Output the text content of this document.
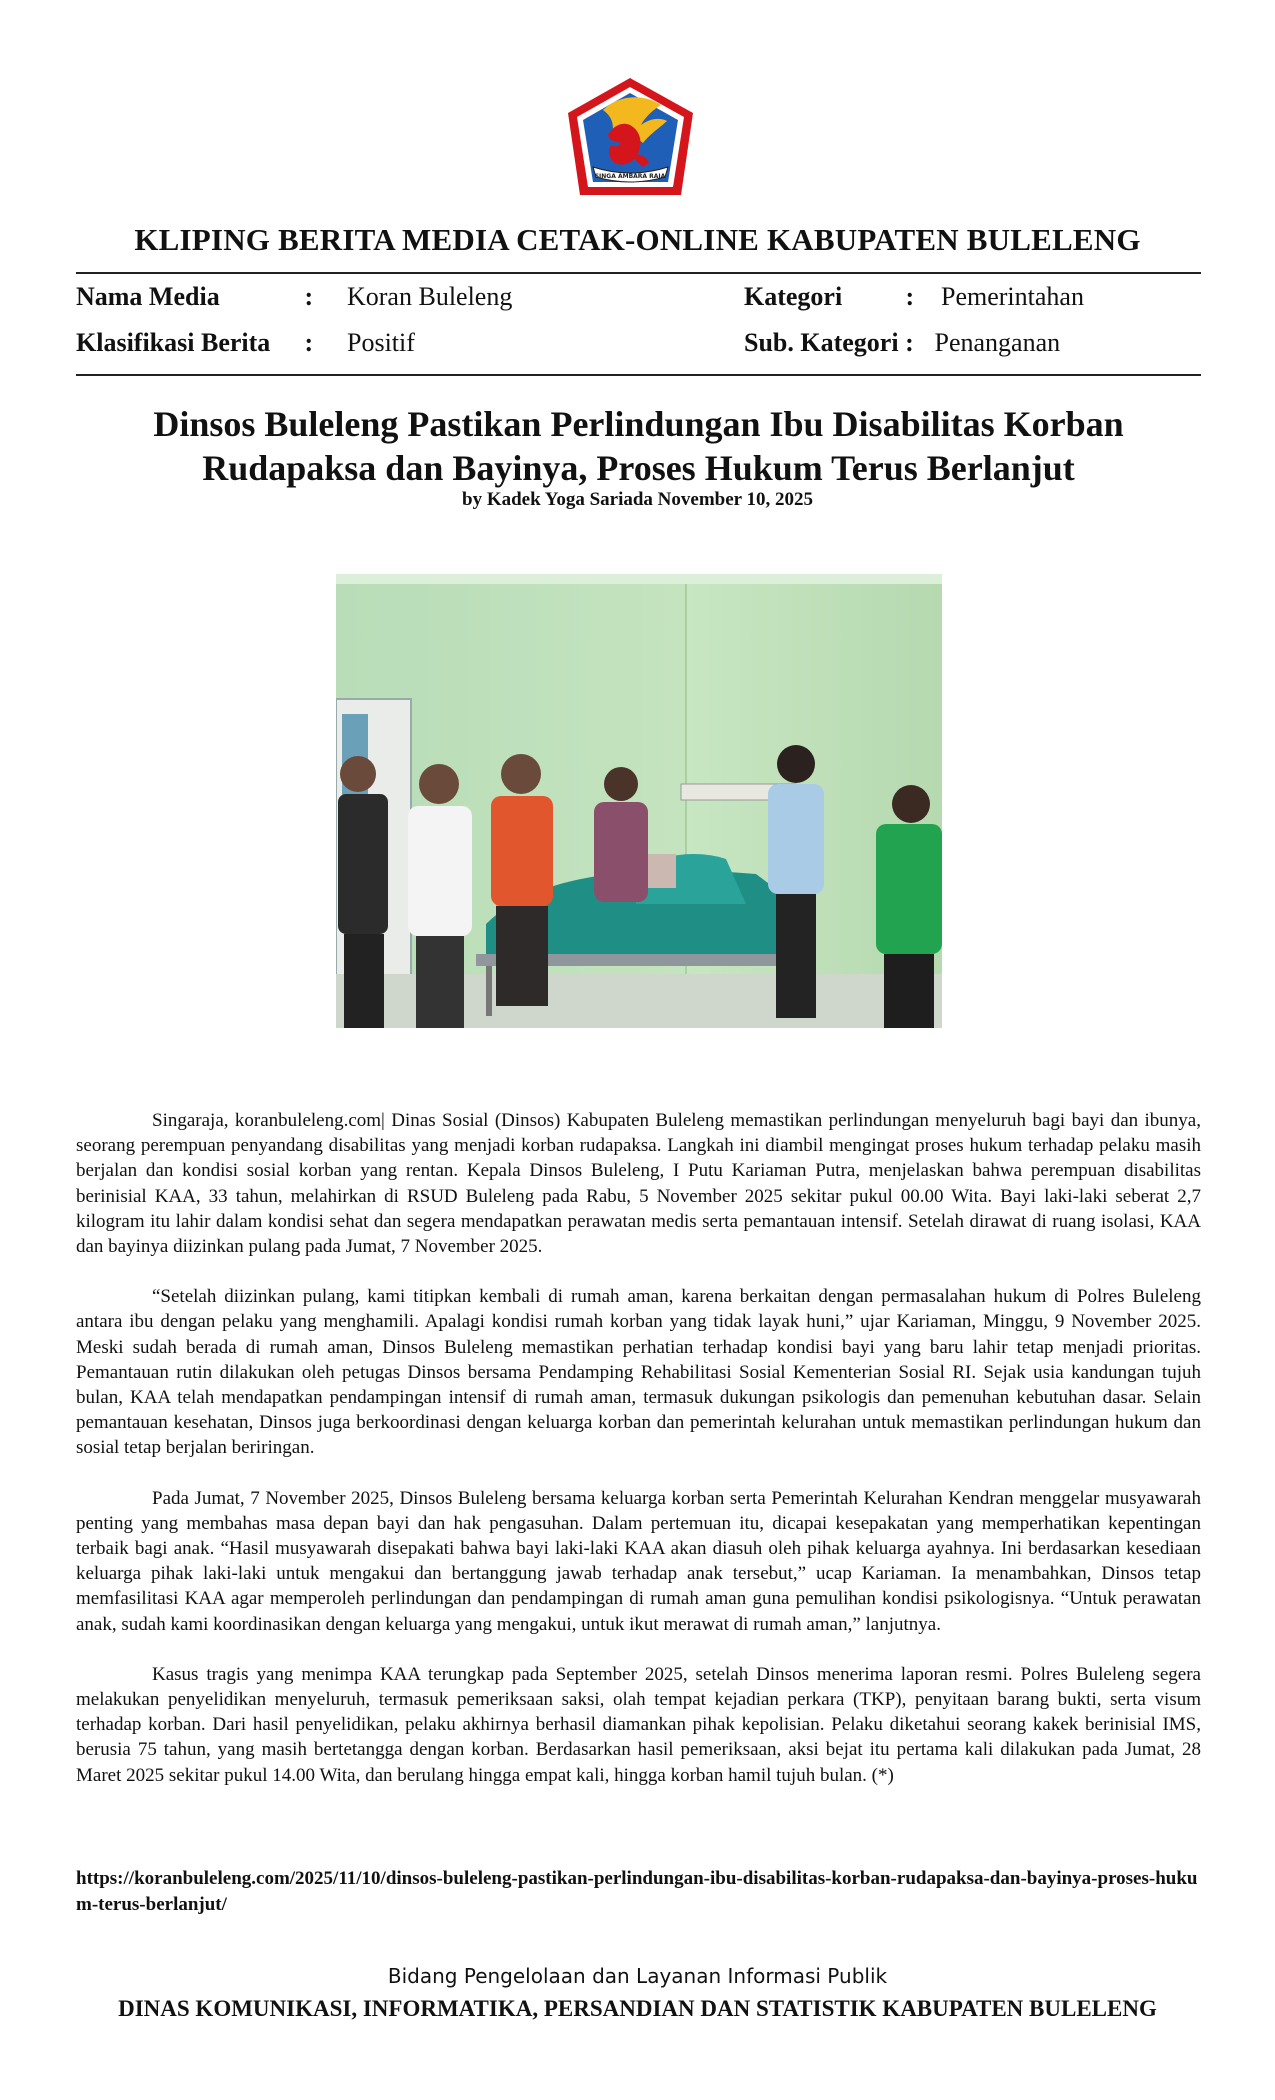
SINGA AMBARA RAJA
KLIPING BERITA MEDIA CETAK-ONLINE KABUPATEN BULELENG
Nama Media	: Koran Buleleng	Kategori : Pemerintahan
Klasifikasi Berita : Positif	Sub. Kategori : Penanganan
Dinsos Buleleng Pastikan Perlindungan Ibu Disabilitas Korban
Rudapaksa dan Bayinya, Proses Hukum Terus Berlanjut
by Kadek Yoga Sariada November 10, 2025

Singaraja, koranbuleleng.com| Dinas Sosial (Dinsos) Kabupaten Buleleng memastikan perlindungan menyeluruh bagi bayi dan ibunya, seorang perempuan penyandang disabilitas yang menjadi korban rudapaksa. Langkah ini diambil mengingat proses hukum terhadap pelaku masih berjalan dan kondisi sosial korban yang rentan. Kepala Dinsos Buleleng, I Putu Kariaman Putra, menjelaskan bahwa perempuan disabilitas berinisial KAA, 33 tahun, melahirkan di RSUD Buleleng pada Rabu, 5 November 2025 sekitar pukul 00.00 Wita. Bayi laki-laki seberat 2,7 kilogram itu lahir dalam kondisi sehat dan segera mendapatkan perawatan medis serta pemantauan intensif. Setelah dirawat di ruang isolasi, KAA dan bayinya diizinkan pulang pada Jumat, 7 November 2025.

“Setelah diizinkan pulang, kami titipkan kembali di rumah aman, karena berkaitan dengan permasalahan hukum di Polres Buleleng antara ibu dengan pelaku yang menghamili. Apalagi kondisi rumah korban yang tidak layak huni,” ujar Kariaman, Minggu, 9 November 2025. Meski sudah berada di rumah aman, Dinsos Buleleng memastikan perhatian terhadap kondisi bayi yang baru lahir tetap menjadi prioritas. Pemantauan rutin dilakukan oleh petugas Dinsos bersama Pendamping Rehabilitasi Sosial Kementerian Sosial RI. Sejak usia kandungan tujuh bulan, KAA telah mendapatkan pendampingan intensif di rumah aman, termasuk dukungan psikologis dan pemenuhan kebutuhan dasar. Selain pemantauan kesehatan, Dinsos juga berkoordinasi dengan keluarga korban dan pemerintah kelurahan untuk memastikan perlindungan hukum dan sosial tetap berjalan beriringan.

Pada Jumat, 7 November 2025, Dinsos Buleleng bersama keluarga korban serta Pemerintah Kelurahan Kendran menggelar musyawarah penting yang membahas masa depan bayi dan hak pengasuhan. Dalam pertemuan itu, dicapai kesepakatan yang memperhatikan kepentingan terbaik bagi anak. “Hasil musyawarah disepakati bahwa bayi laki-laki KAA akan diasuh oleh pihak keluarga ayahnya. Ini berdasarkan kesediaan keluarga pihak laki-laki untuk mengakui dan bertanggung jawab terhadap anak tersebut,” ucap Kariaman. Ia menambahkan, Dinsos tetap memfasilitasi KAA agar memperoleh perlindungan dan pendampingan di rumah aman guna pemulihan kondisi psikologisnya. “Untuk perawatan anak, sudah kami koordinasikan dengan keluarga yang mengakui, untuk ikut merawat di rumah aman,” lanjutnya.

Kasus tragis yang menimpa KAA terungkap pada September 2025, setelah Dinsos menerima laporan resmi. Polres Buleleng segera melakukan penyelidikan menyeluruh, termasuk pemeriksaan saksi, olah tempat kejadian perkara (TKP), penyitaan barang bukti, serta visum terhadap korban. Dari hasil penyelidikan, pelaku akhirnya berhasil diamankan pihak kepolisian. Pelaku diketahui seorang kakek berinisial IMS, berusia 75 tahun, yang masih bertetangga dengan korban. Berdasarkan hasil pemeriksaan, aksi bejat itu pertama kali dilakukan pada Jumat, 28 Maret 2025 sekitar pukul 14.00 Wita, dan berulang hingga empat kali, hingga korban hamil tujuh bulan. (*)

https://koranbuleleng.com/2025/11/10/dinsos-buleleng-pastikan-perlindungan-ibu-disabilitas-korban-rudapaksa-dan-bayinya-proses-hukum-terus-berlanjut/
Bidang Pengelolaan dan Layanan Informasi Publik
DINAS KOMUNIKASI, INFORMATIKA, PERSANDIAN DAN STATISTIK KABUPATEN BULELENG
